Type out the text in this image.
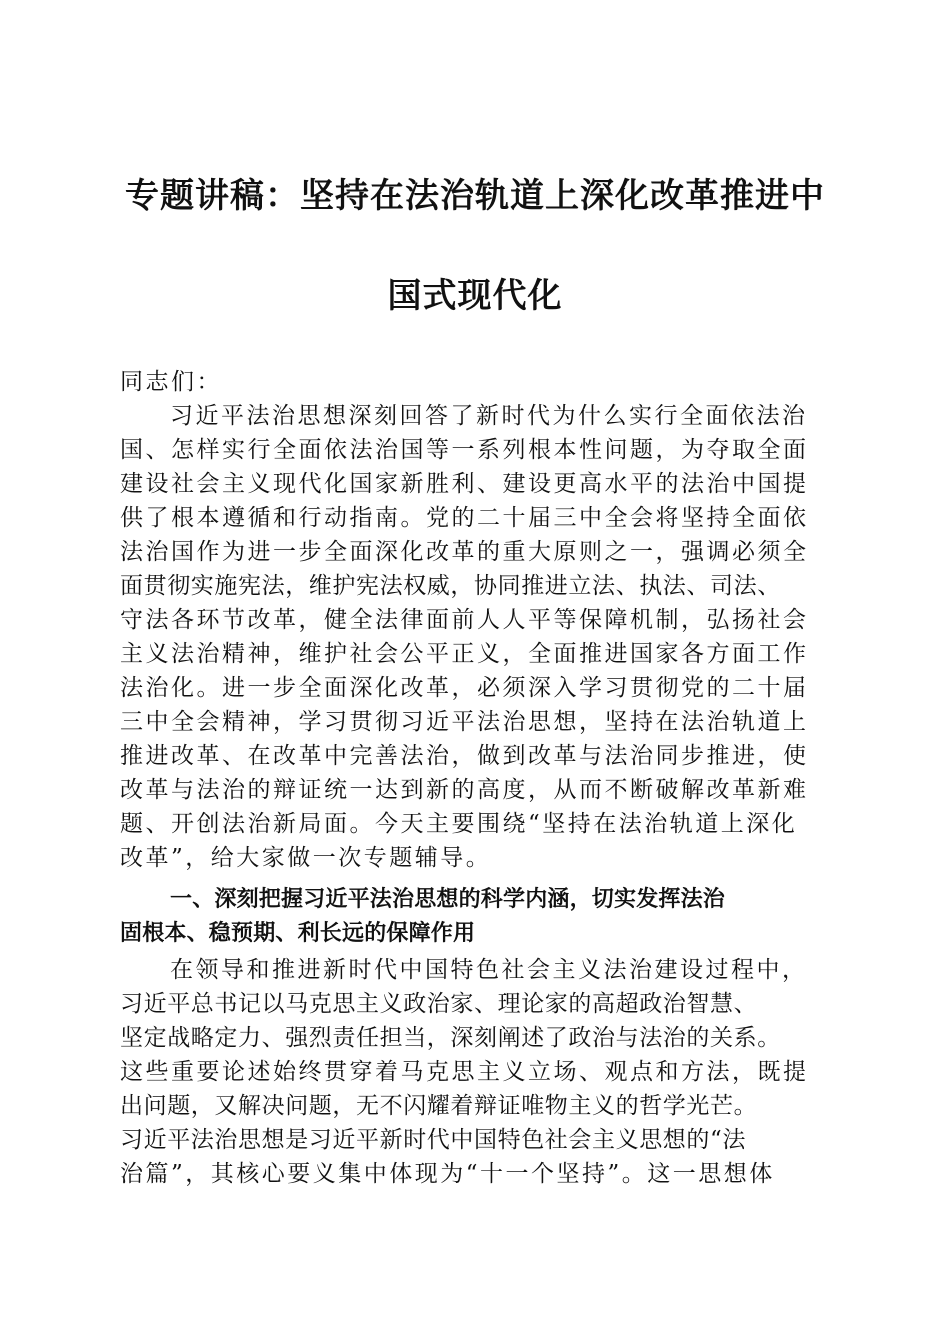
专题讲稿：坚持在法治轨道上深化改革推进中
国式现代化
同志们：
习近平法治思想深刻回答了新时代为什么实行全面依法治
国、怎样实行全面依法治国等一系列根本性问题，为夺取全面
建设社会主义现代化国家新胜利、建设更高水平的法治中国提
供了根本遵循和行动指南。党的二十届三中全会将坚持全面依
法治国作为进一步全面深化改革的重大原则之一，强调必须全
面贯彻实施宪法，维护宪法权威，协同推进立法、执法、司法、
守法各环节改革，健全法律面前人人平等保障机制，弘扬社会
主义法治精神，维护社会公平正义，全面推进国家各方面工作
法治化。进一步全面深化改革，必须深入学习贯彻党的二十届
三中全会精神，学习贯彻习近平法治思想，坚持在法治轨道上
推进改革、在改革中完善法治，做到改革与法治同步推进，使
改革与法治的辩证统一达到新的高度，从而不断破解改革新难
题、开创法治新局面。今天主要围绕“坚持在法治轨道上深化
改革”，给大家做一次专题辅导。
一、深刻把握习近平法治思想的科学内涵，切实发挥法治
固根本、稳预期、利长远的保障作用
在领导和推进新时代中国特色社会主义法治建设过程中，
习近平总书记以马克思主义政治家、理论家的高超政治智慧、
坚定战略定力、强烈责任担当，深刻阐述了政治与法治的关系。
这些重要论述始终贯穿着马克思主义立场、观点和方法，既提
出问题，又解决问题，无不闪耀着辩证唯物主义的哲学光芒。
习近平法治思想是习近平新时代中国特色社会主义思想的“法
治篇”，其核心要义集中体现为“十一个坚持”。这一思想体
